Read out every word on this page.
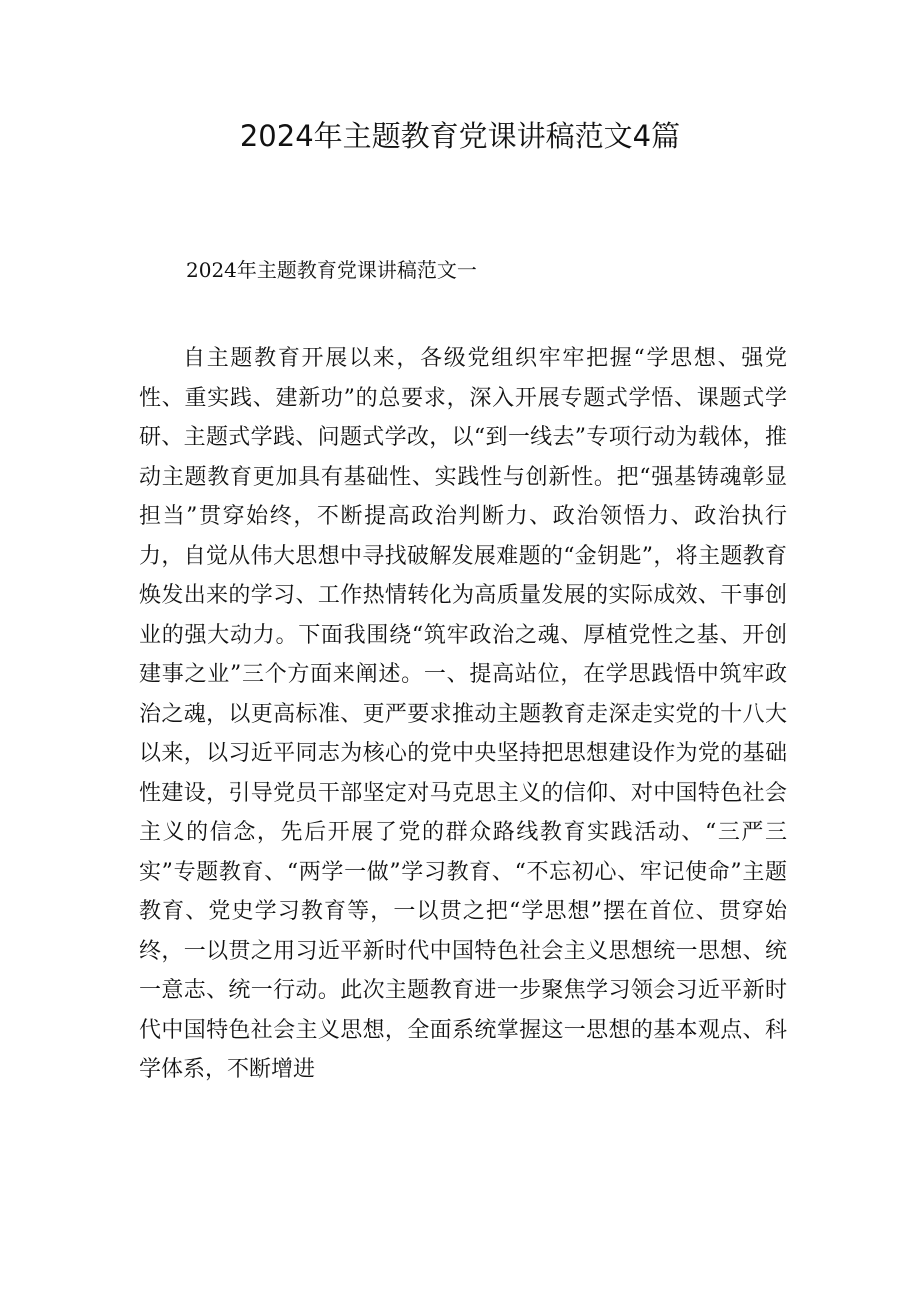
2024年主题教育党课讲稿范文4篇
2024年主题教育党课讲稿范文一

自主题教育开展以来，各级党组织牢牢把握“学思想、强党性、重实践、建新功”的总要求，深入开展专题式学悟、课题式学研、主题式学践、问题式学改，以“到一线去”专项行动为载体，推动主题教育更加具有基础性、实践性与创新性。把“强基铸魂彰显担当”贯穿始终，不断提高政治判断力、政治领悟力、政治执行力，自觉从伟大思想中寻找破解发展难题的“金钥匙”，将主题教育焕发出来的学习、工作热情转化为高质量发展的实际成效、干事创业的强大动力。下面我围绕“筑牢政治之魂、厚植党性之基、开创建事之业”三个方面来阐述。一、提高站位，在学思践悟中筑牢政治之魂，以更高标准、更严要求推动主题教育走深走实党的十八大以来，以习近平同志为核心的党中央坚持把思想建设作为党的基础性建设，引导党员干部坚定对马克思主义的信仰、对中国特色社会主义的信念，先后开展了党的群众路线教育实践活动、“三严三实”专题教育、“两学一做”学习教育、“不忘初心、牢记使命”主题教育、党史学习教育等，一以贯之把“学思想”摆在首位、贯穿始终，一以贯之用习近平新时代中国特色社会主义思想统一思想、统一意志、统一行动。此次主题教育进一步聚焦学习领会习近平新时代中国特色社会主义思想，全面系统掌握这一思想的基本观点、科学体系，不断增进
